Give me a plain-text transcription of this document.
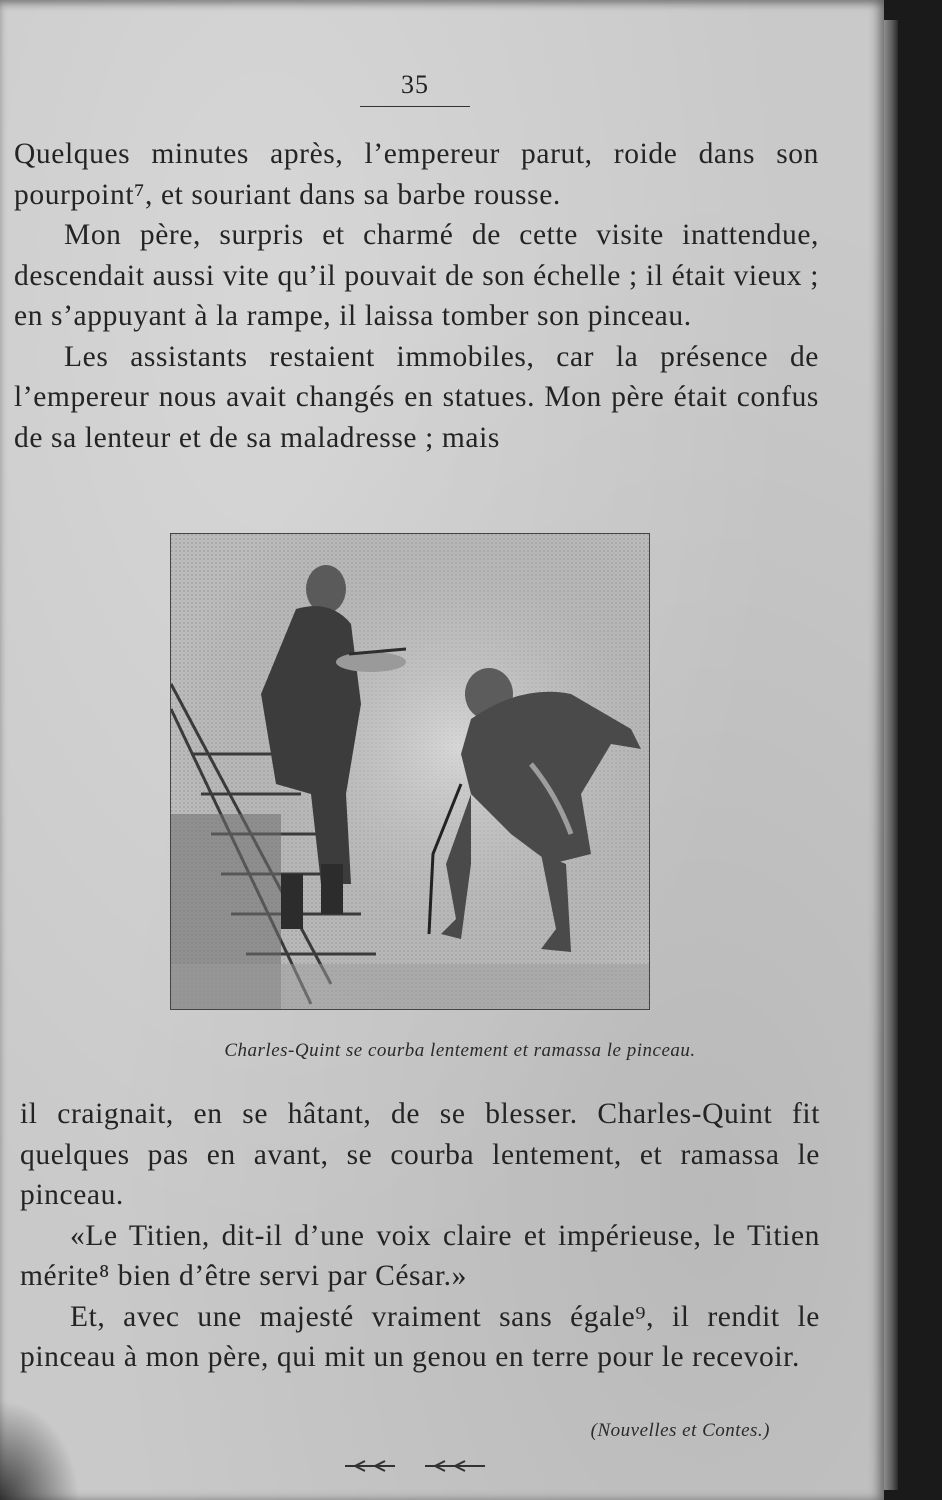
35

Quelques minutes après, l’empereur parut, roide dans son pourpoint⁷, et souriant dans sa barbe rousse.

Mon père, surpris et charmé de cette visite inattendue, descendait aussi vite qu’il pouvait de son échelle ; il était vieux ; en s’appuyant à la rampe, il laissa tomber son pinceau.

Les assistants restaient immobiles, car la présence de l’empereur nous avait changés en statues. Mon père était confus de sa lenteur et de sa maladresse ; mais

Charles-Quint se courba lentement et ramassa le pinceau.

il craignait, en se hâtant, de se blesser. Charles-Quint fit quelques pas en avant, se courba lentement, et ramassa le pinceau.

«Le Titien, dit-il d’une voix claire et impérieuse, le Titien mérite⁸ bien d’être servi par César.»

Et, avec une majesté vraiment sans égale⁹, il rendit le pinceau à mon père, qui mit un genou en terre pour le recevoir.

(Nouvelles et Contes.)
